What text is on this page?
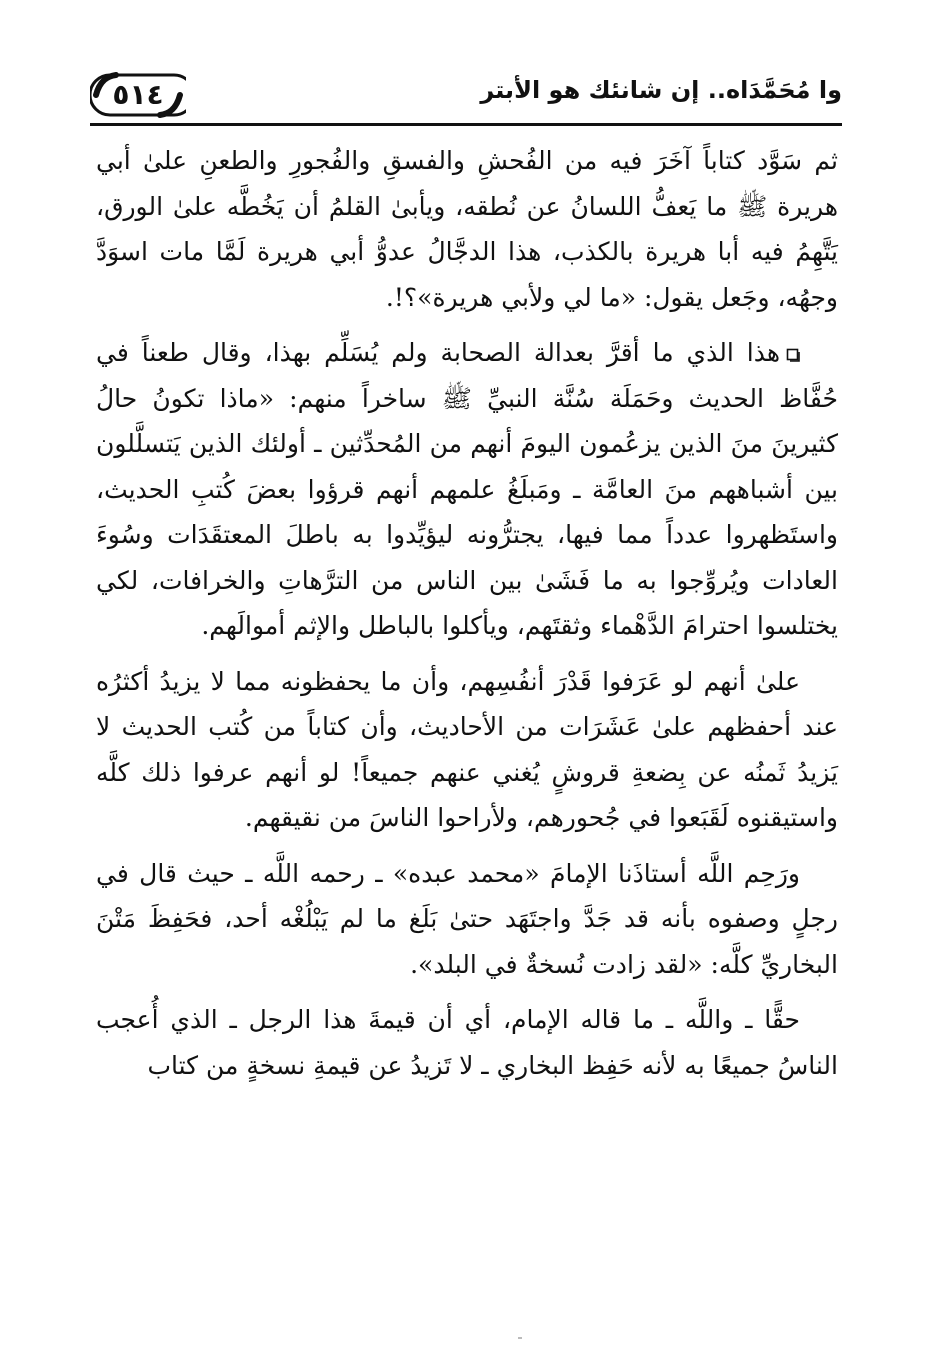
٥١٤	وا مُحَمَّدَاه.. إن شانئك هو الأبتر

ثم سَوَّد كتاباً آخَرَ فيه من الفُحشِ والفسقِ والفُجورِ والطعنِ علىٰ أبي هريرة ﷺ ما يَعفُّ اللسانُ عن نُطقه، ويأبىٰ القلمُ أن يَخُطَّه علىٰ الورق، يَتَّهِمُ فيه أبا هريرة بالكذب، هذا الدجَّالُ عدوُّ أبي هريرة لَمَّا مات اسوَدَّ وجهُه، وجَعل يقول: «ما لي ولأبي هريرة»؟!.

هذا الذي ما أقرَّ بعدالة الصحابة ولم يُسَلِّم بهذا، وقال طعناً في حُفَّاظ الحديث وحَمَلَة سُنَّة النبيِّ ﷺ ساخراً منهم: «ماذا تكونُ حالُ كثيرينَ منَ الذين يزعُمون اليومَ أنهم من المُحدِّثين ـ أولئك الذين يَتسلَّلون بين أشباههم منَ العامَّة ـ ومَبلَغُ علمهم أنهم قرؤوا بعضَ كُتبِ الحديث، واستَظهروا عدداً مما فيها، يجترُّونه ليؤيِّدوا به باطلَ المعتقَدَات وسُوءَ العادات ويُروِّجوا به ما فَشَىٰ بين الناس من الترَّهاتِ والخرافات، لكي يختلسوا احترامَ الدَّهْماء وثقتَهم، ويأكلوا بالباطل والإثم أموالَهم.

علىٰ أنهم لو عَرَفوا قَدْرَ أنفُسِهم، وأن ما يحفظونه مما لا يزيدُ أكثرُه عند أحفظهم علىٰ عَشَرَات من الأحاديث، وأن كتاباً من كُتب الحديث لا يَزيدُ ثَمنُه عن بِضعةِ قروشٍ يُغني عنهم جميعاً! لو أنهم عرفوا ذلك كلَّه واستيقنوه لَقَبَعوا في جُحورهم، ولأراحوا الناسَ من نقيقهم.

ورَحِم اللَّه أستاذَنا الإمامَ «محمد عبده» ـ رحمه اللَّه ـ حيث قال في رجلٍ وصفوه بأنه قد جَدَّ واجتَهَد حتىٰ بَلَغ ما لم يَبْلُغْه أحد، فحَفِظَ مَتْنَ البخاريِّ كلَّه: «لقد زادت نُسخةٌ في البلد».

حقًّا ـ واللَّه ـ ما قاله الإمام، أي أن قيمةَ هذا الرجل ـ الذي أُعجب الناسُ جميعًا به لأنه حَفِظ البخاري ـ لا تَزيدُ عن قيمةِ نسخةٍ من كتاب
